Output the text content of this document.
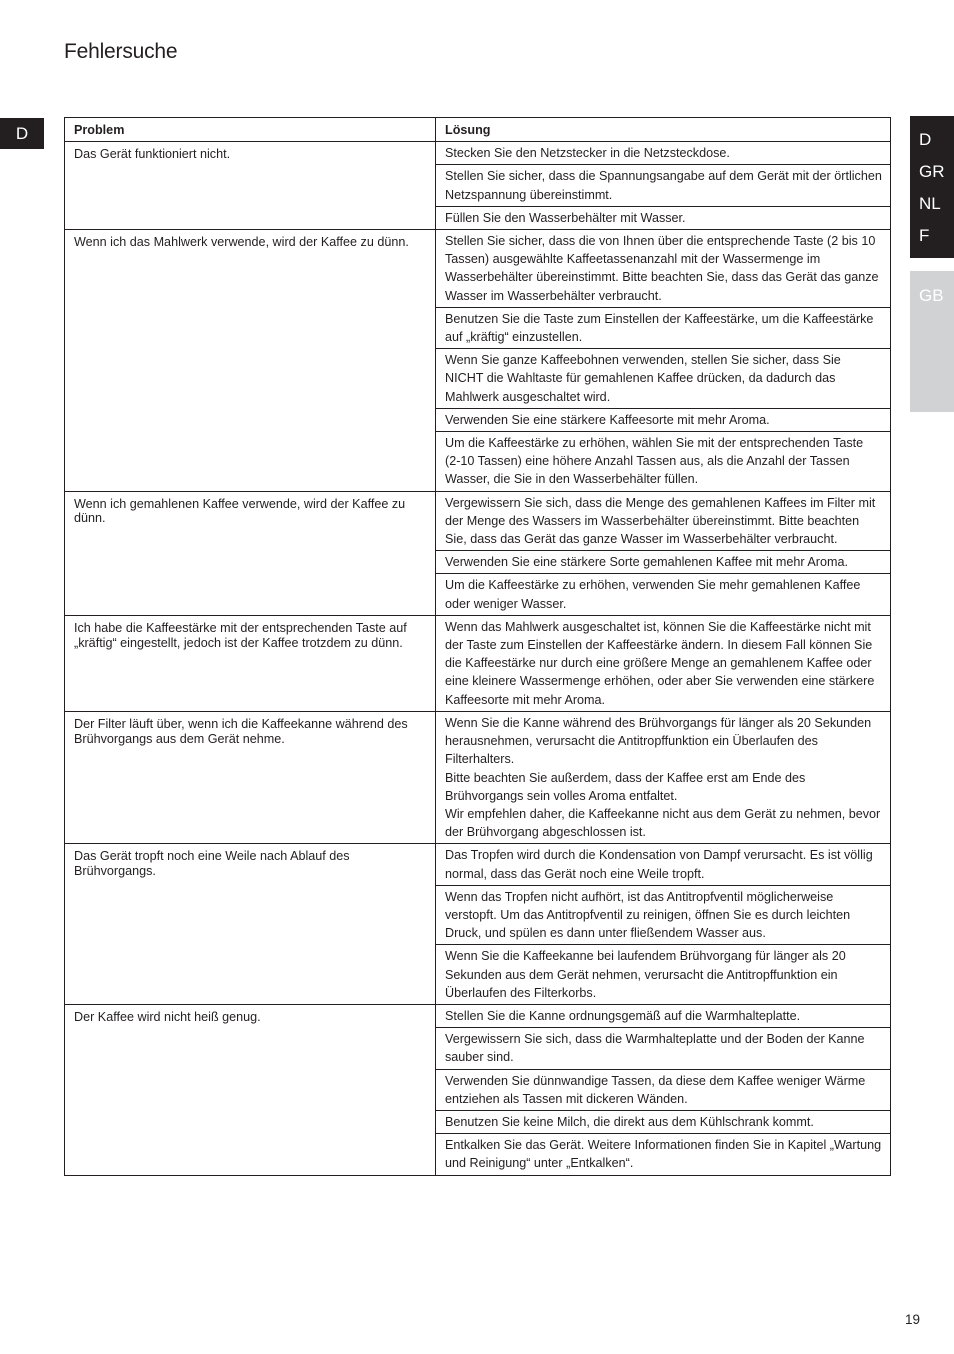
Fehlersuche
D	D
GR
NL
F
GB
Problem	Lösung
Das Gerät funktioniert nicht.	Stecken Sie den Netzstecker in die Netzsteckdose.
	Stellen Sie sicher, dass die Spannungsangabe auf dem Gerät mit der örtlichen Netzspannung übereinstimmt.
	Füllen Sie den Wasserbehälter mit Wasser.
Wenn ich das Mahlwerk verwende, wird der Kaffee zu dünn.	Stellen Sie sicher, dass die von Ihnen über die entsprechende Taste (2 bis 10 Tassen) ausgewählte Kaffeetassenanzahl mit der Wassermenge im Wasserbehälter übereinstimmt. Bitte beachten Sie, dass das Gerät das ganze Wasser im Wasserbehälter verbraucht.
	Benutzen Sie die Taste zum Einstellen der Kaffeestärke, um die Kaffeestärke auf „kräftig“ einzustellen.
	Wenn Sie ganze Kaffeebohnen verwenden, stellen Sie sicher, dass Sie NICHT die Wahltaste für gemahlenen Kaffee drücken, da dadurch das Mahlwerk ausgeschaltet wird.
	Verwenden Sie eine stärkere Kaffeesorte mit mehr Aroma.
	Um die Kaffeestärke zu erhöhen, wählen Sie mit der entsprechenden Taste (2-10 Tassen) eine höhere Anzahl Tassen aus, als die Anzahl der Tassen Wasser, die Sie in den Wasserbehälter füllen.
Wenn ich gemahlenen Kaffee verwende, wird der Kaffee zu dünn.	Vergewissern Sie sich, dass die Menge des gemahlenen Kaffees im Filter mit der Menge des Wassers im Wasserbehälter übereinstimmt. Bitte beachten Sie, dass das Gerät das ganze Wasser im Wasserbehälter verbraucht.
	Verwenden Sie eine stärkere Sorte gemahlenen Kaffee mit mehr Aroma.
	Um die Kaffeestärke zu erhöhen, verwenden Sie mehr gemahlenen Kaffee oder weniger Wasser.
Ich habe die Kaffeestärke mit der entsprechenden Taste auf „kräftig“ eingestellt, jedoch ist der Kaffee trotzdem zu dünn.	Wenn das Mahlwerk ausgeschaltet ist, können Sie die Kaffeestärke nicht mit der Taste zum Einstellen der Kaffeestärke ändern. In diesem Fall können Sie die Kaffeestärke nur durch eine größere Menge an gemahlenem Kaffee oder eine kleinere Wassermenge erhöhen, oder aber Sie verwenden eine stärkere Kaffeesorte mit mehr Aroma.
Der Filter läuft über, wenn ich die Kaffeekanne während des Brühvorgangs aus dem Gerät nehme.	Wenn Sie die Kanne während des Brühvorgangs für länger als 20 Sekunden herausnehmen, verursacht die Antitropffunktion ein Überlaufen des Filterhalters.
Bitte beachten Sie außerdem, dass der Kaffee erst am Ende des Brühvorgangs sein volles Aroma entfaltet.
Wir empfehlen daher, die Kaffeekanne nicht aus dem Gerät zu nehmen, bevor der Brühvorgang abgeschlossen ist.
Das Gerät tropft noch eine Weile nach Ablauf des Brühvorgangs.	Das Tropfen wird durch die Kondensation von Dampf verursacht. Es ist völlig
normal, dass das Gerät noch eine Weile tropft.
	Wenn das Tropfen nicht aufhört, ist das Antitropfventil möglicherweise verstopft. Um das Antitropfventil zu reinigen, öffnen Sie es durch leichten Druck, und spülen es dann unter fließendem Wasser aus.
	Wenn Sie die Kaffeekanne bei laufendem Brühvorgang für länger als 20 Sekunden aus dem Gerät nehmen, verursacht die Antitropffunktion ein Überlaufen des Filterkorbs.
Der Kaffee wird nicht heiß genug.	Stellen Sie die Kanne ordnungsgemäß auf die Warmhalteplatte.
	Vergewissern Sie sich, dass die Warmhalteplatte und der Boden der Kanne sauber sind.
	Verwenden Sie dünnwandige Tassen, da diese dem Kaffee weniger Wärme entziehen als Tassen mit dickeren Wänden.
	Benutzen Sie keine Milch, die direkt aus dem Kühlschrank kommt.
	Entkalken Sie das Gerät. Weitere Informationen finden Sie in Kapitel „Wartung und Reinigung“ unter „Entkalken“.
19
